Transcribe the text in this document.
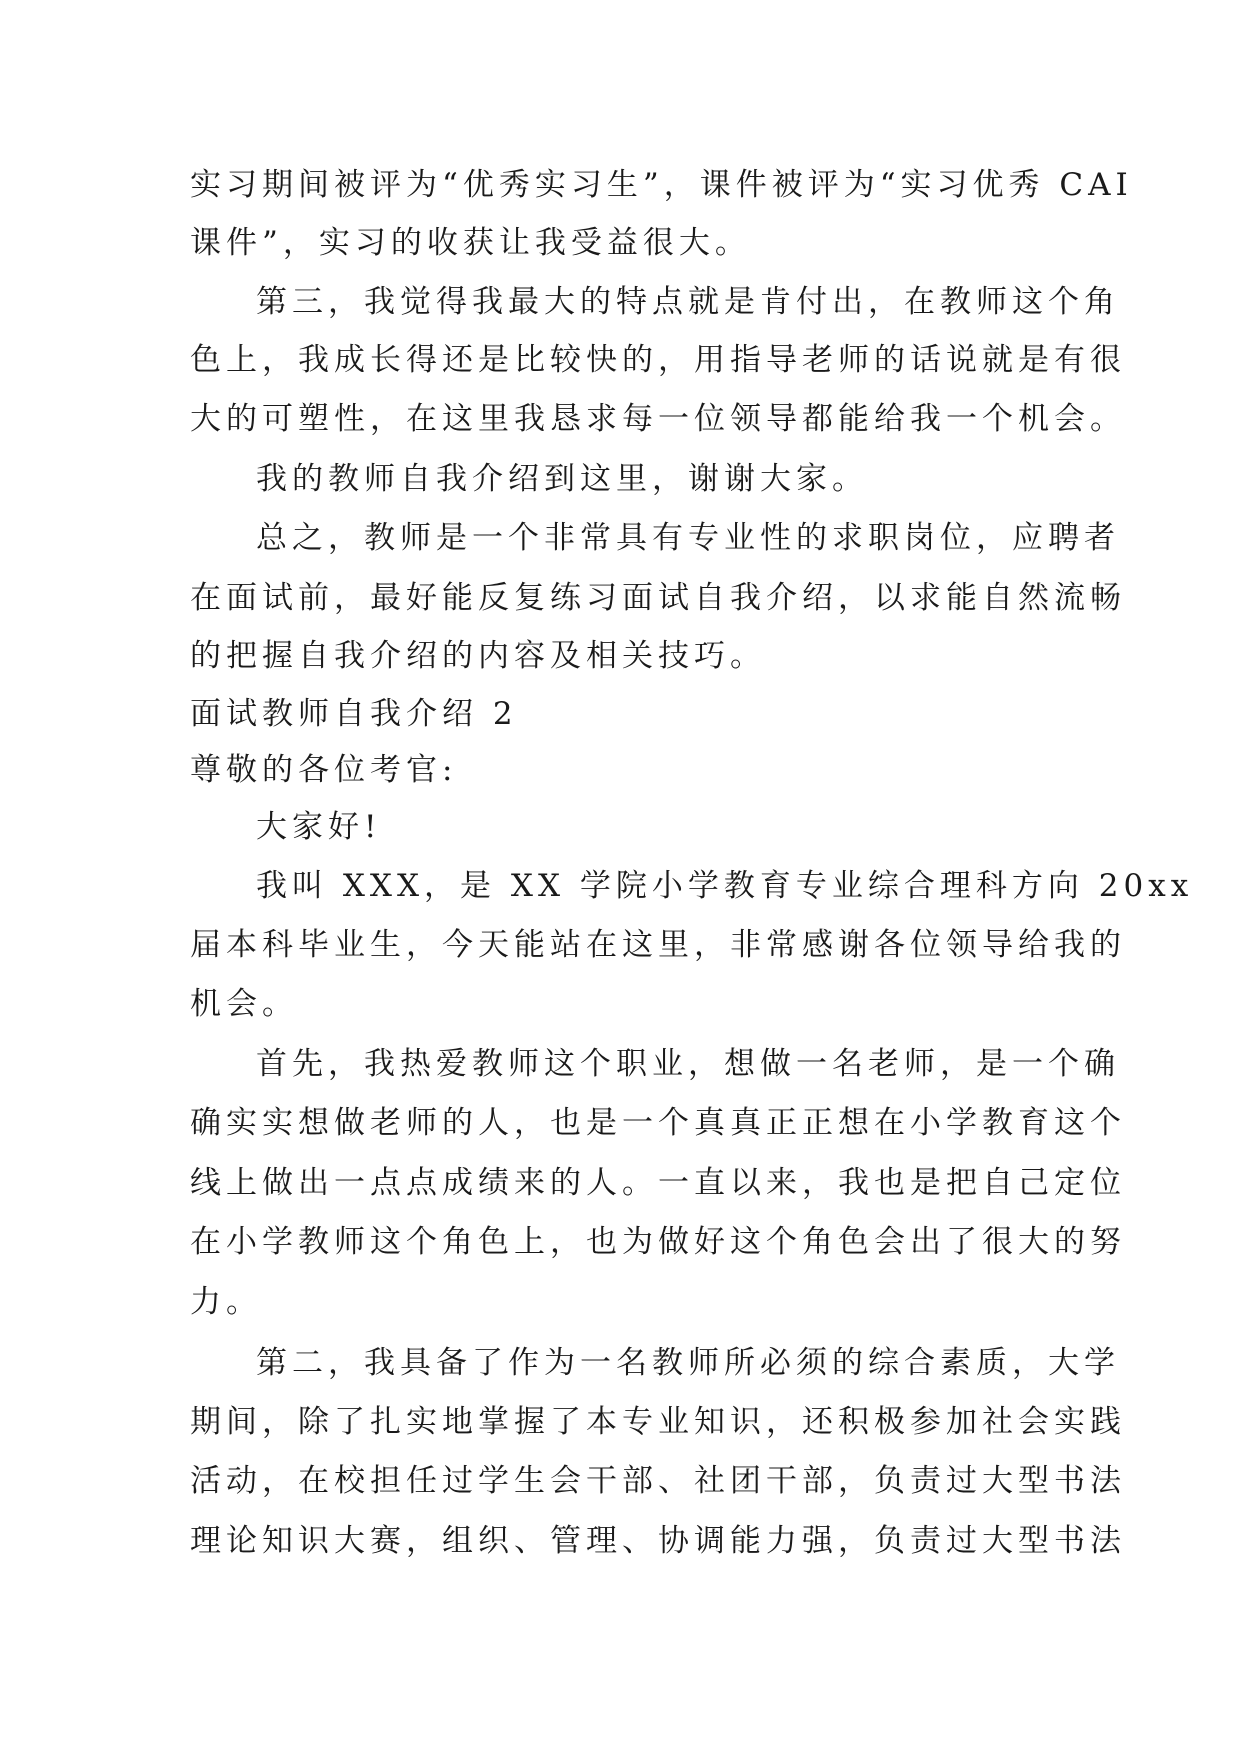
实习期间被评为“优秀实习生”，课件被评为“实习优秀 CAI
课件”，实习的收获让我受益很大。
第三，我觉得我最大的特点就是肯付出，在教师这个角
色上，我成长得还是比较快的，用指导老师的话说就是有很
大的可塑性，在这里我恳求每一位领导都能给我一个机会。
我的教师自我介绍到这里，谢谢大家。
总之，教师是一个非常具有专业性的求职岗位，应聘者
在面试前，最好能反复练习面试自我介绍，以求能自然流畅
的把握自我介绍的内容及相关技巧。
面试教师自我介绍 2
尊敬的各位考官:
大家好!
我叫 XXX，是 XX 学院小学教育专业综合理科方向 20xx
届本科毕业生，今天能站在这里，非常感谢各位领导给我的
机会。
首先，我热爱教师这个职业，想做一名老师，是一个确
确实实想做老师的人，也是一个真真正正想在小学教育这个
线上做出一点点成绩来的人。一直以来，我也是把自己定位
在小学教师这个角色上，也为做好这个角色会出了很大的努
力。
第二，我具备了作为一名教师所必须的综合素质，大学
期间，除了扎实地掌握了本专业知识，还积极参加社会实践
活动，在校担任过学生会干部、社团干部，负责过大型书法
理论知识大赛，组织、管理、协调能力强，负责过大型书法
